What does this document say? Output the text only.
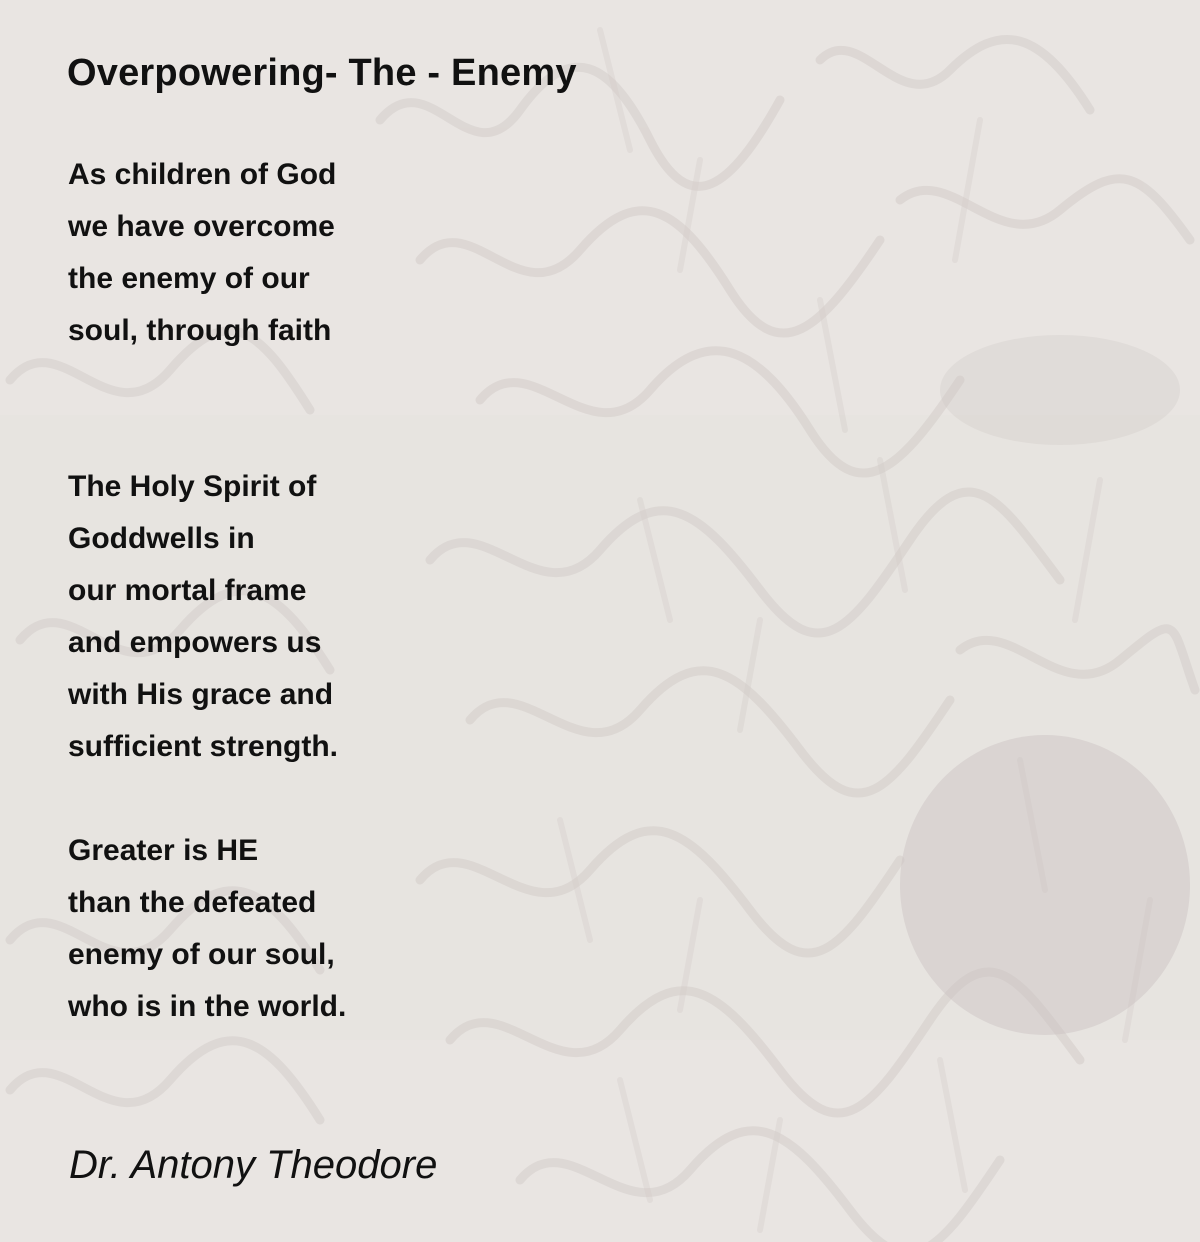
Overpowering- The - Enemy
As children of God
we have overcome
the enemy of our
soul, through faith
The Holy Spirit of
Goddwells in
our mortal frame
and empowers us
with His grace and
sufficient strength.
Greater is HE
than the defeated
enemy of our soul,
who is in the world.

Dr. Antony Theodore
